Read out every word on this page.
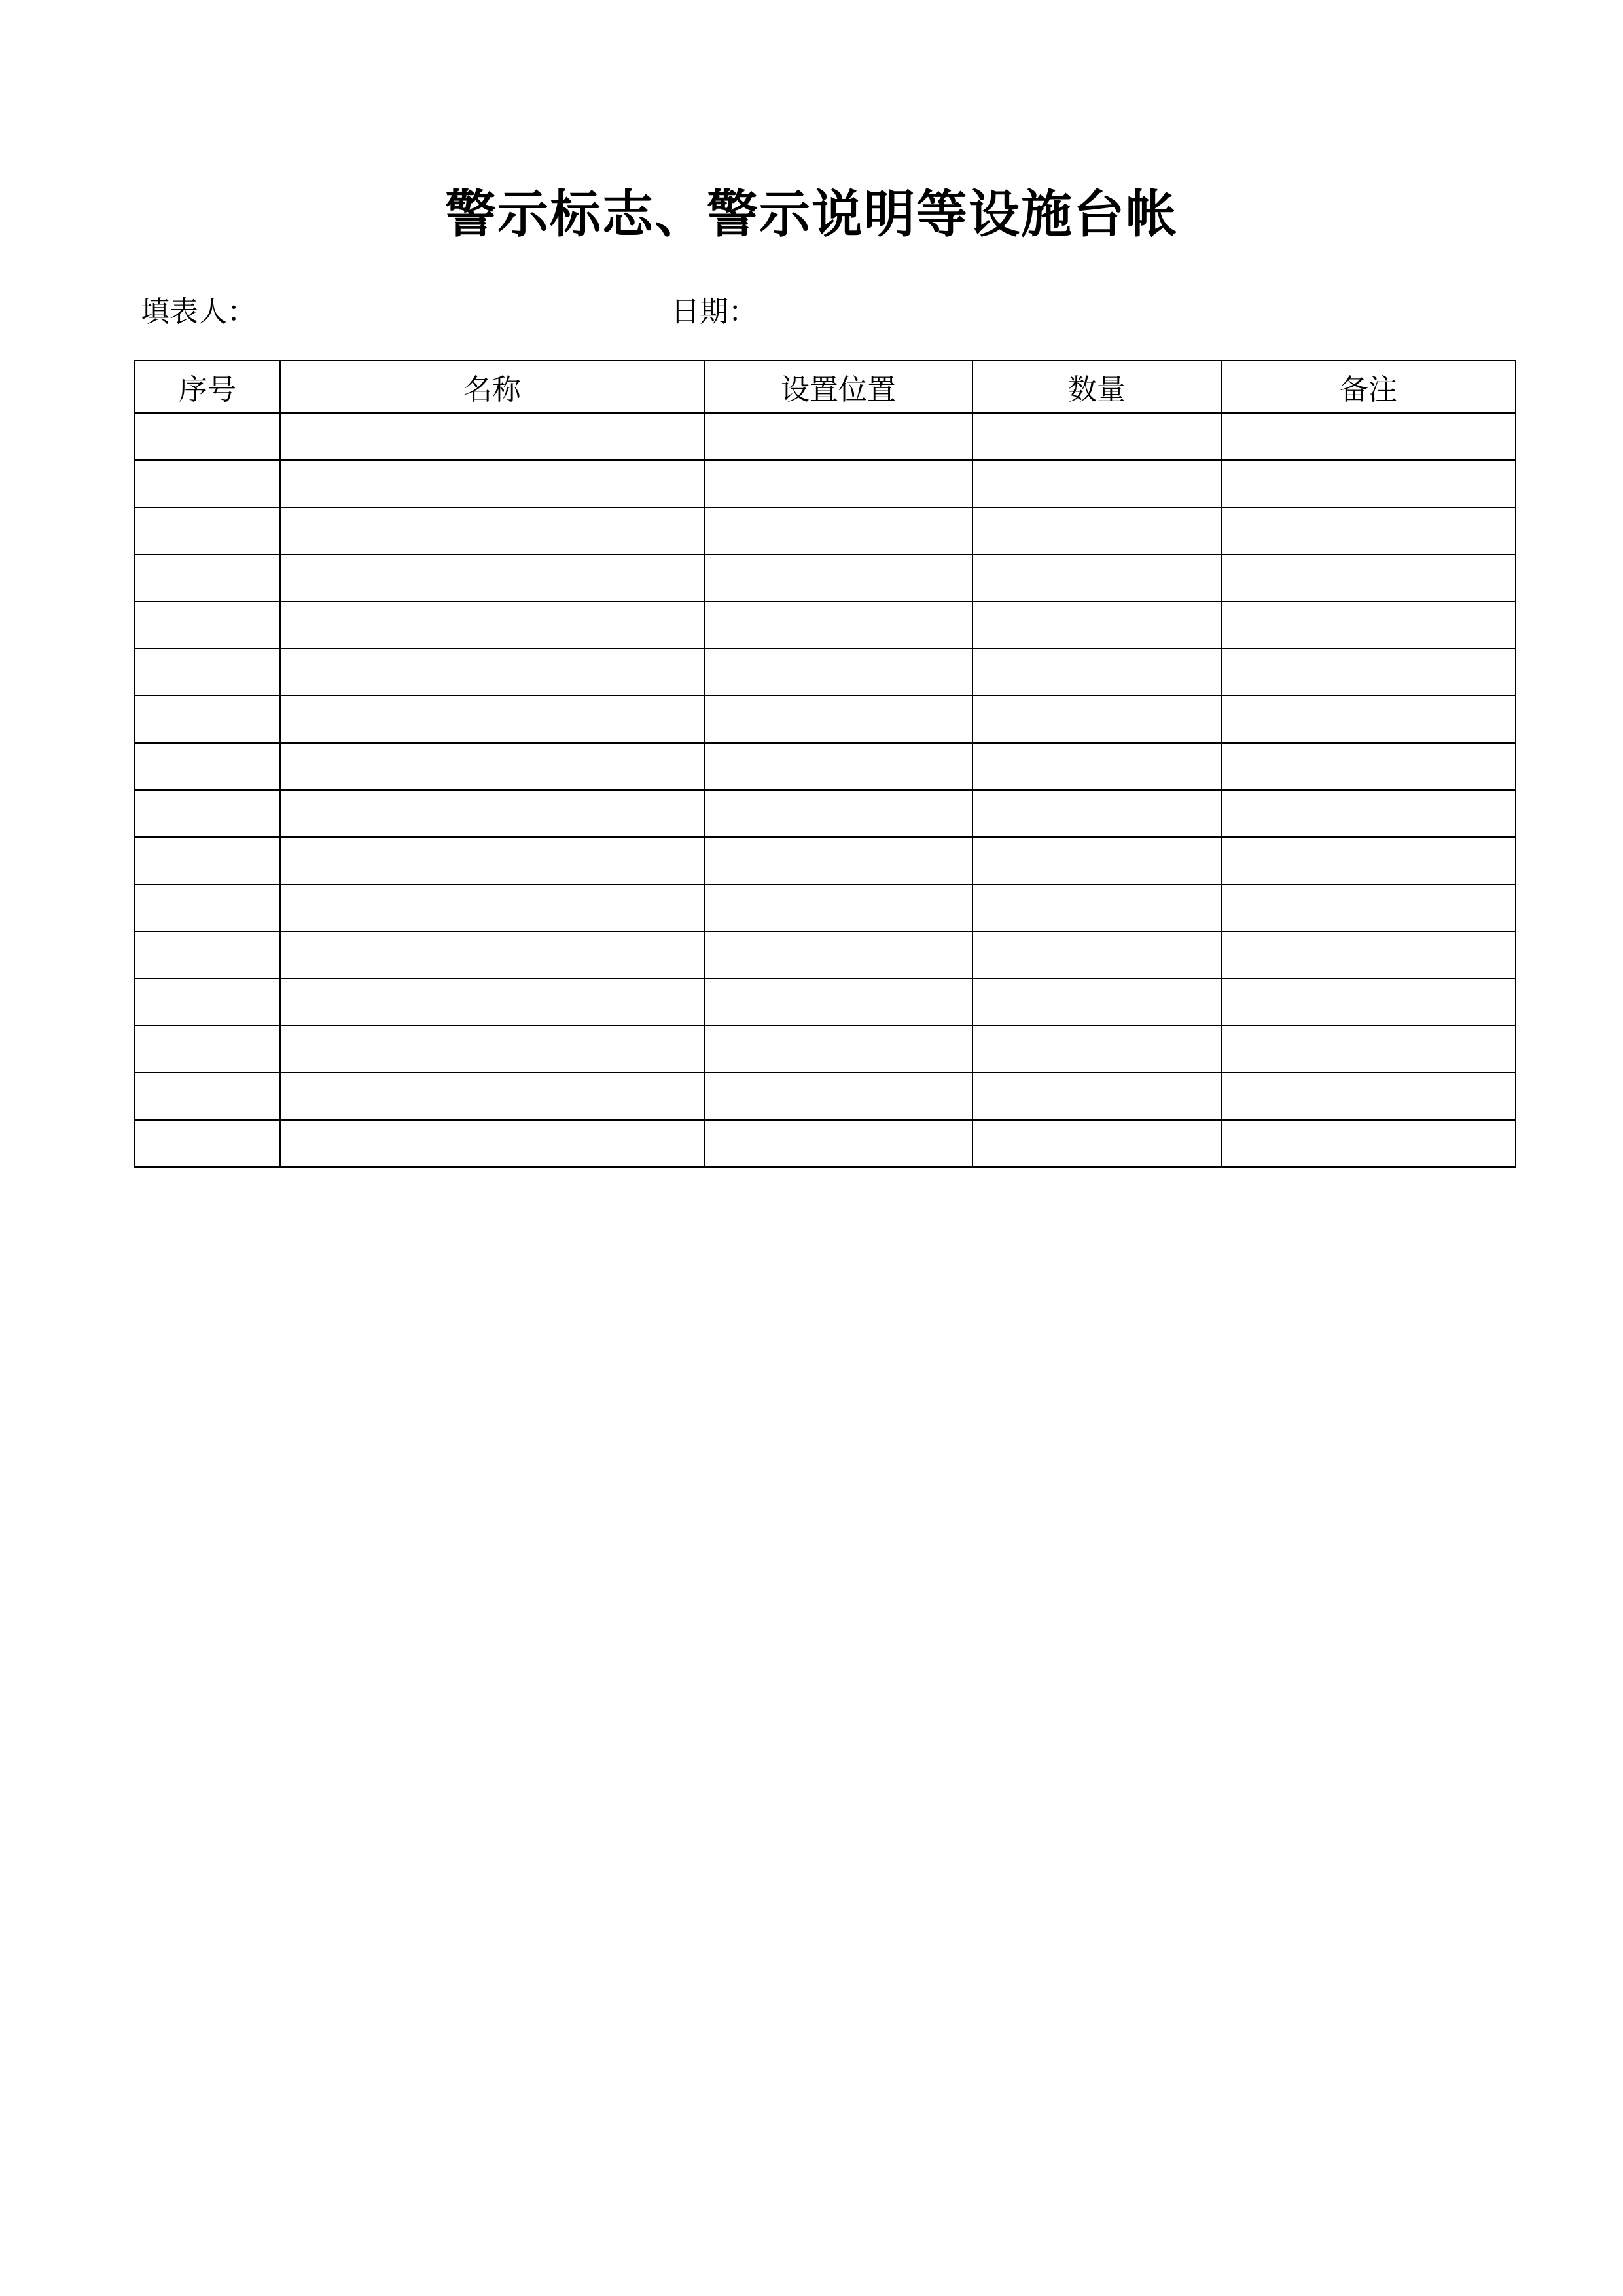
警示标志、警示说明等设施台帐
填表人：	日期：
序号	名称	设置位置	数量	备注
